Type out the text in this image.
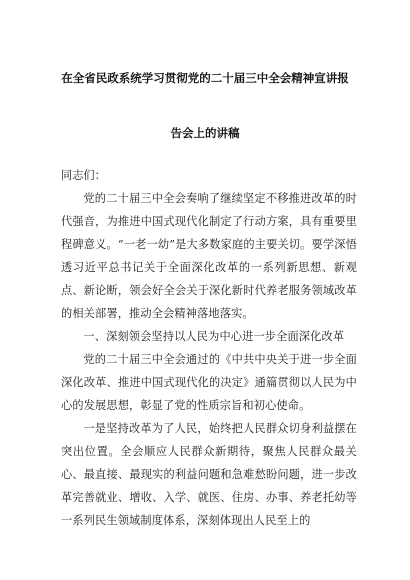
在全省民政系统学习贯彻党的二十届三中全会精神宣讲报
告会上的讲稿

同志们：

党的二十届三中全会奏响了继续坚定不移推进改革的时代强音，为推进中国式现代化制定了行动方案，具有重要里程碑意义。“一老一幼”是大多数家庭的主要关切。要学深悟透习近平总书记关于全面深化改革的一系列新思想、新观点、新论断，领会好全会关于深化新时代养老服务领域改革的相关部署，推动全会精神落地落实。

一、深刻领会坚持以人民为中心进一步全面深化改革

党的二十届三中全会通过的《中共中央关于进一步全面深化改革、推进中国式现代化的决定》通篇贯彻以人民为中心的发展思想，彰显了党的性质宗旨和初心使命。

一是坚持改革为了人民，始终把人民群众切身利益摆在突出位置。全会顺应人民群众新期待，聚焦人民群众最关心、最直接、最现实的利益问题和急难愁盼问题，进一步改革完善就业、增收、入学、就医、住房、办事、养老托幼等一系列民生领域制度体系，深刻体现出人民至上的
